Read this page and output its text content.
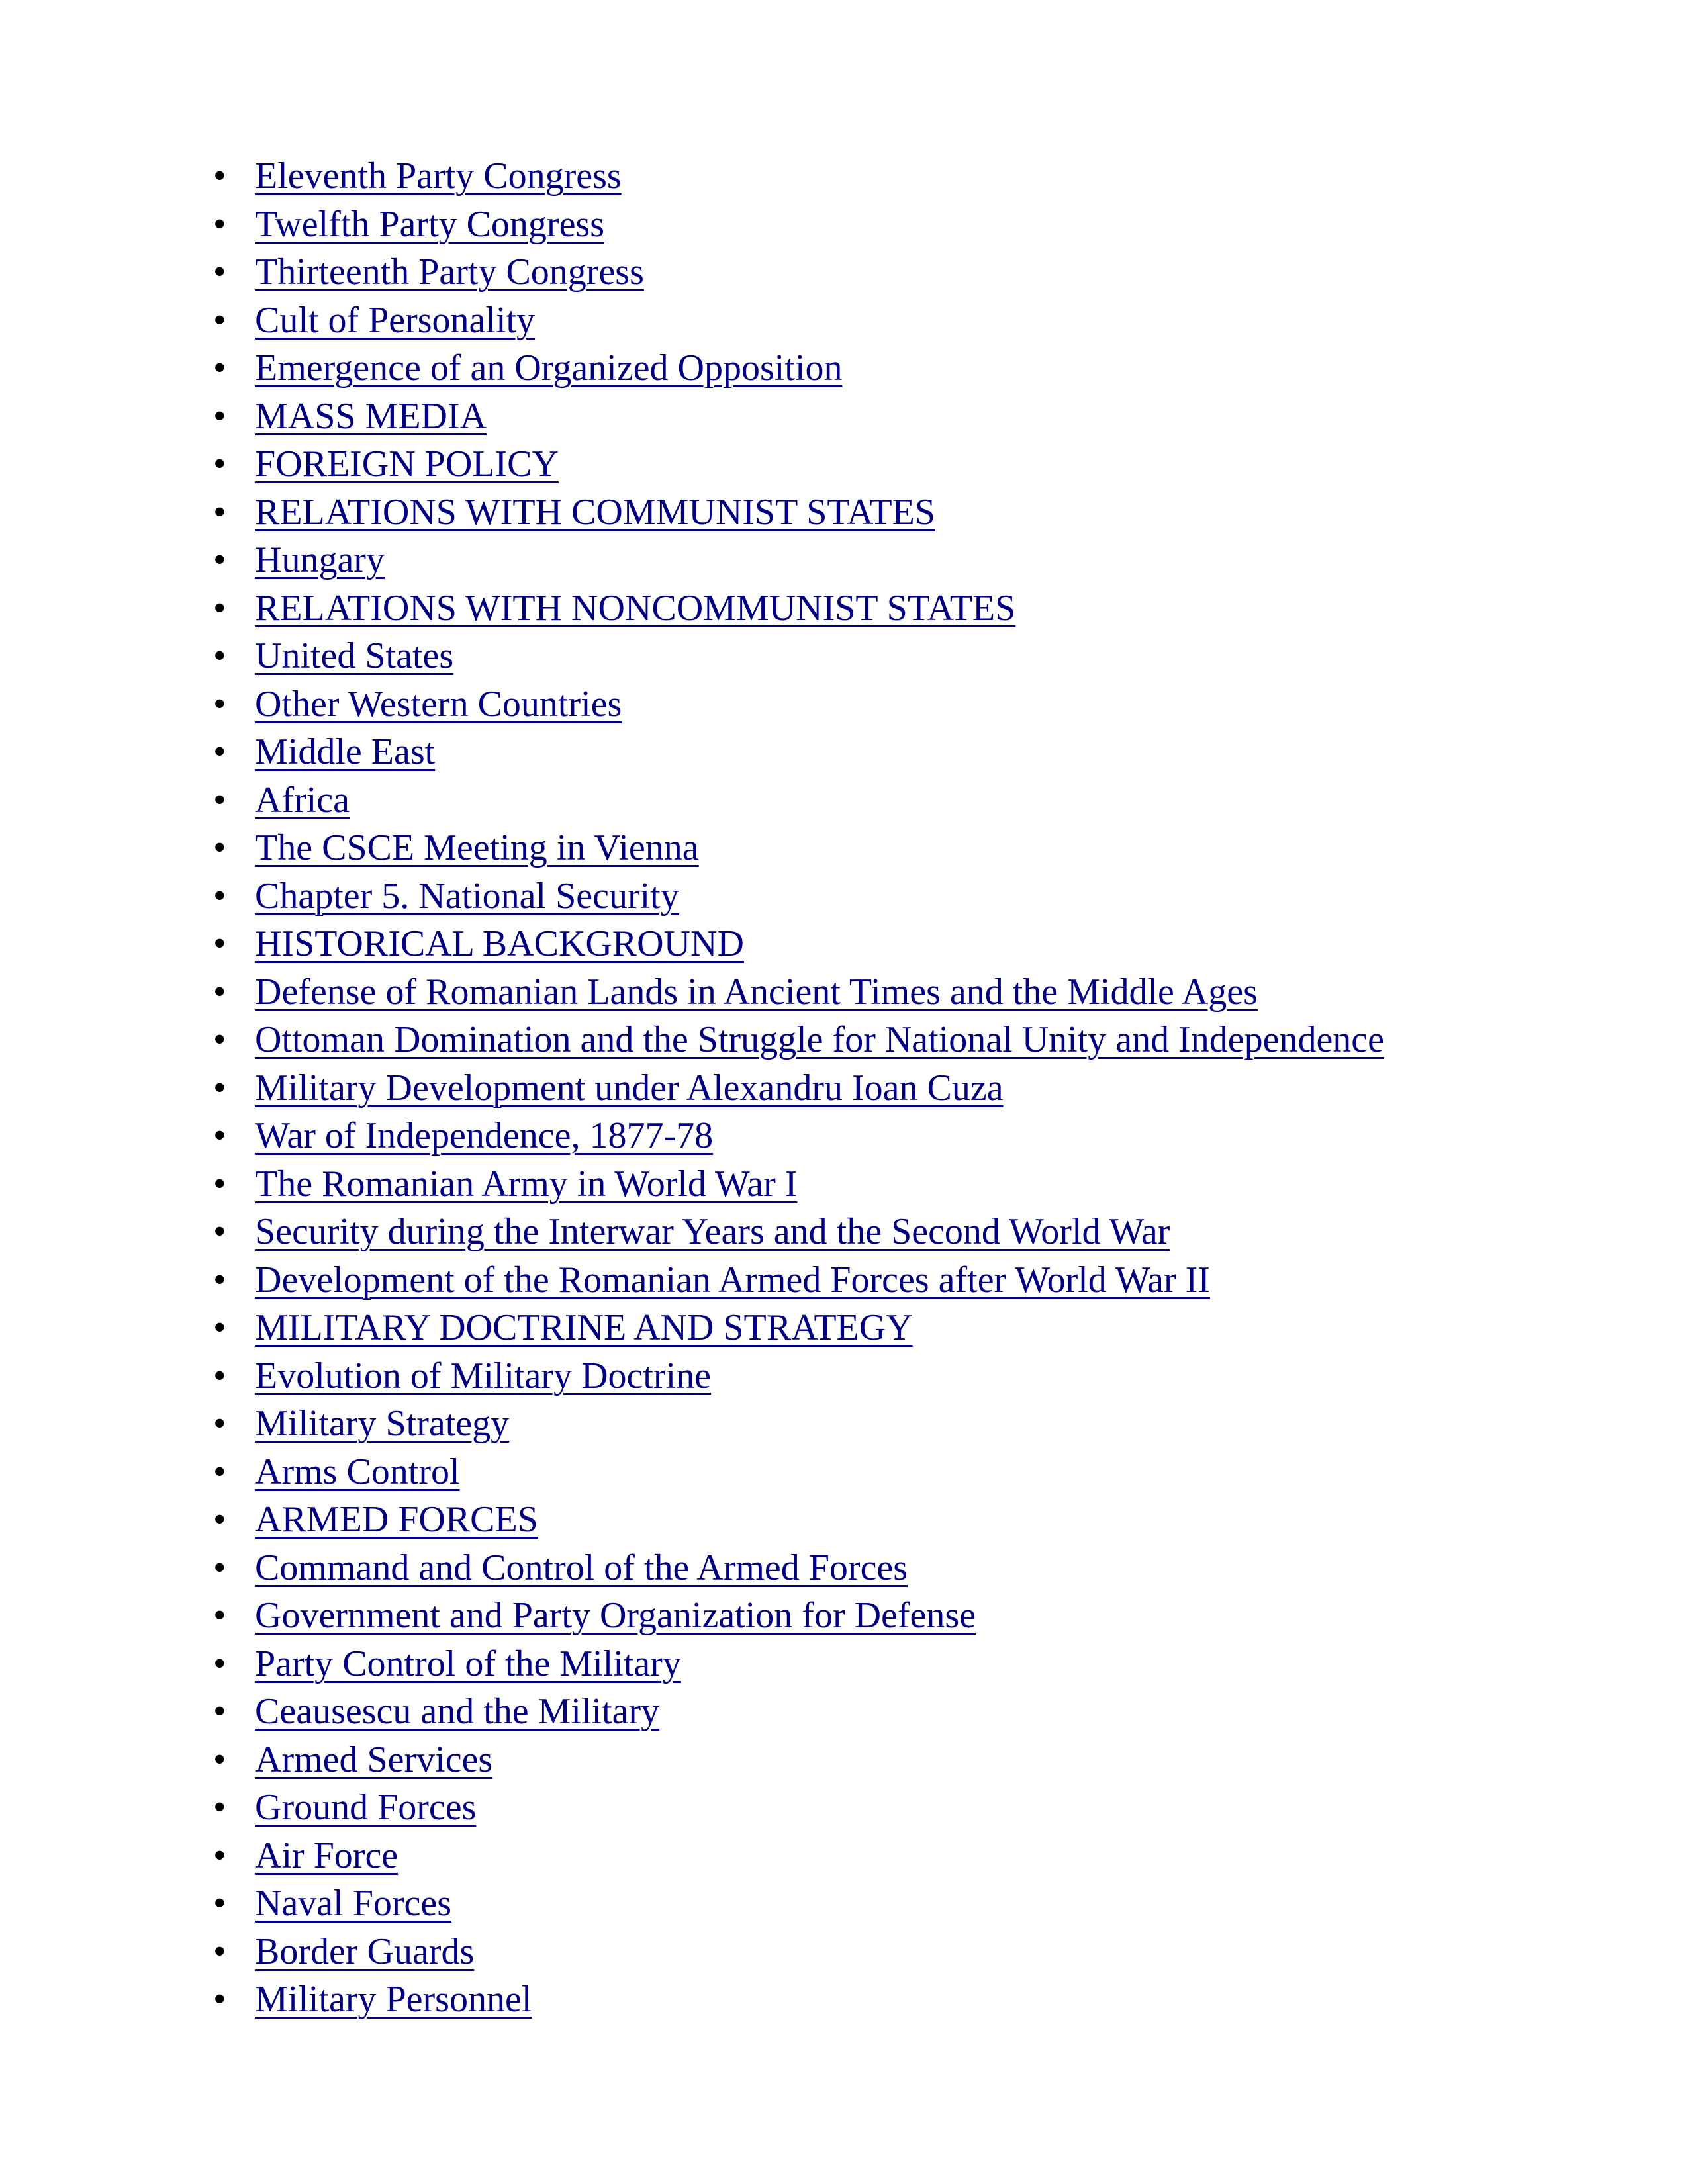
• Eleventh Party Congress
• Twelfth Party Congress
• Thirteenth Party Congress
• Cult of Personality
• Emergence of an Organized Opposition
• MASS MEDIA
• FOREIGN POLICY
• RELATIONS WITH COMMUNIST STATES
• Hungary
• RELATIONS WITH NONCOMMUNIST STATES
• United States
• Other Western Countries
• Middle East
• Africa
• The CSCE Meeting in Vienna
• Chapter 5. National Security
• HISTORICAL BACKGROUND
• Defense of Romanian Lands in Ancient Times and the Middle Ages
• Ottoman Domination and the Struggle for National Unity and Independence
• Military Development under Alexandru Ioan Cuza
• War of Independence, 1877-78
• The Romanian Army in World War I
• Security during the Interwar Years and the Second World War
• Development of the Romanian Armed Forces after World War II
• MILITARY DOCTRINE AND STRATEGY
• Evolution of Military Doctrine
• Military Strategy
• Arms Control
• ARMED FORCES
• Command and Control of the Armed Forces
• Government and Party Organization for Defense
• Party Control of the Military
• Ceausescu and the Military
• Armed Services
• Ground Forces
• Air Force
• Naval Forces
• Border Guards
• Military Personnel
